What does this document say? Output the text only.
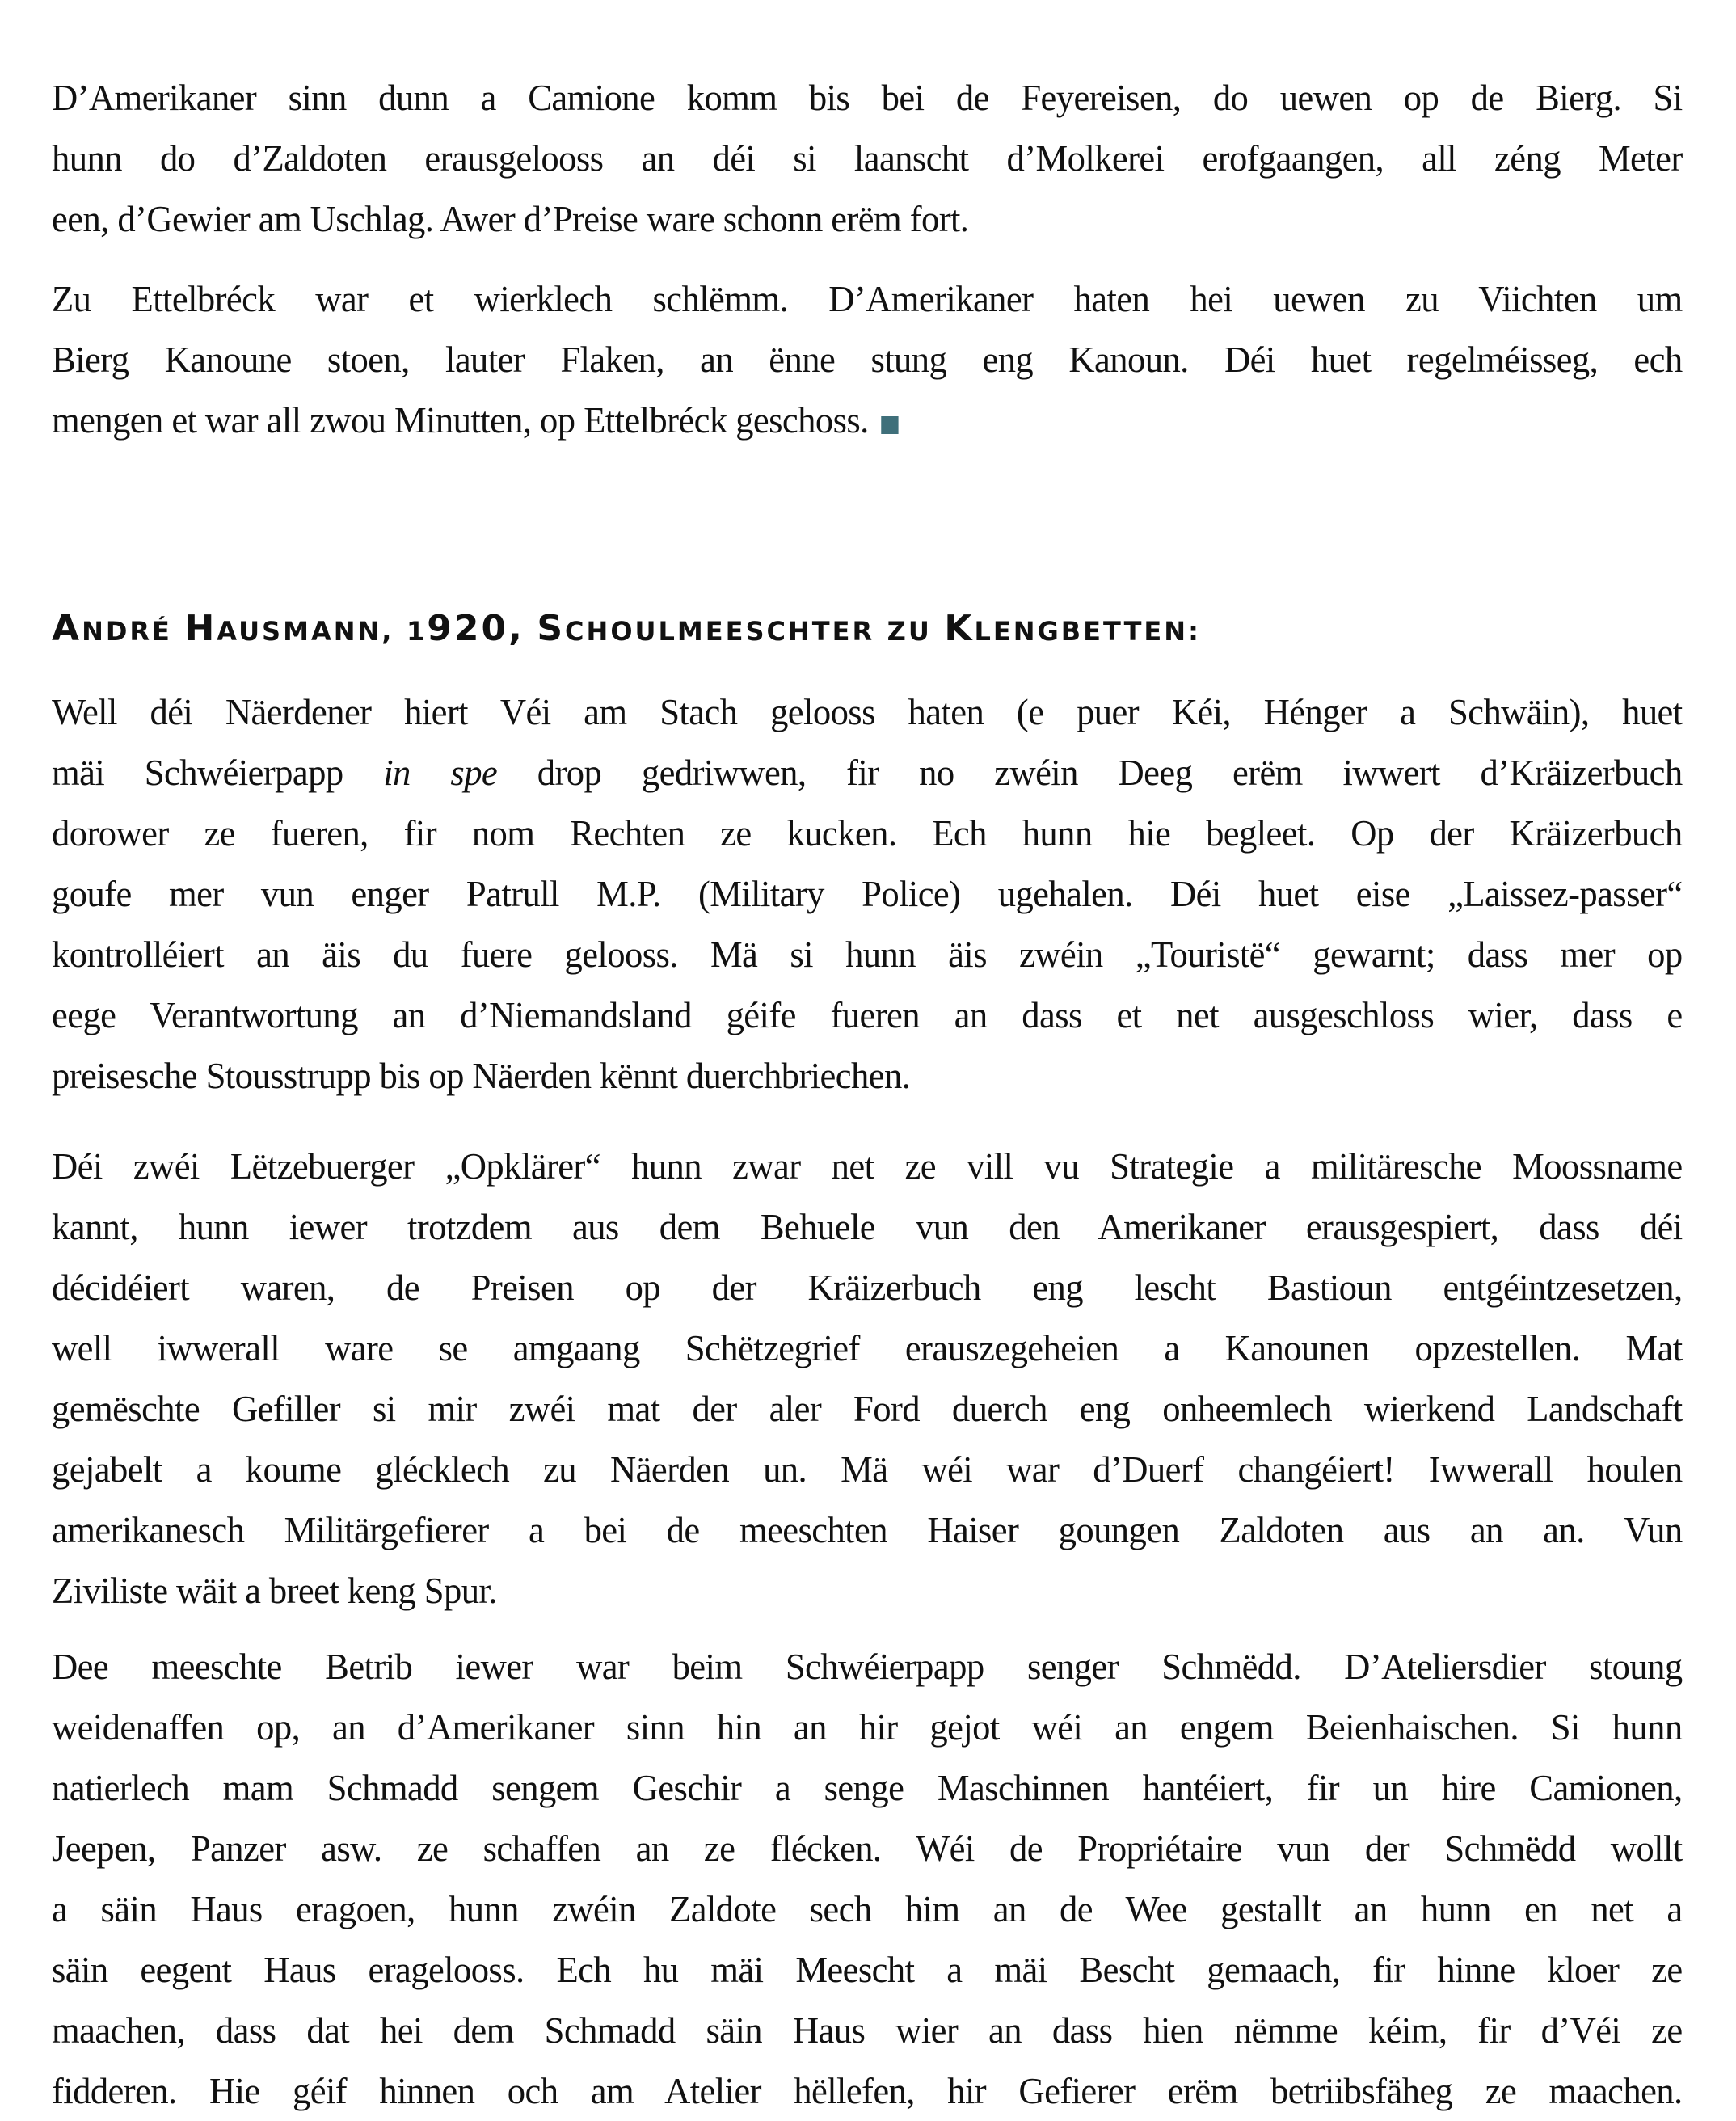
D’Amerikaner sinn dunn a Camione komm bis bei de Feyereisen, do uewen op de Bierg. Si
hunn do d’Zaldoten erausgelooss an déi si laanscht d’Molkerei erofgaangen, all zéng Meter
een, d’Gewier am Uschlag. Awer d’Preise ware schonn erëm fort.

Zu Ettelbréck war et wierklech schlëmm. D’Amerikaner haten hei uewen zu Viichten um
Bierg Kanoune stoen, lauter Flaken, an ënne stung eng Kanoun. Déi huet regelméisseg, ech
mengen et war all zwou Minutten, op Ettelbréck geschoss.

ANDRÉ HAUSMANN, 1920, SCHOULMEESCHTER ZU KLENGBETTEN:

Well déi Näerdener hiert Véi am Stach gelooss haten (e puer Kéi, Hénger a Schwäin), huet
mäi Schwéierpapp in spe drop gedriwwen, fir no zwéin Deeg erëm iwwert d’Kräizerbuch
dorower ze fueren, fir nom Rechten ze kucken. Ech hunn hie begleet. Op der Kräizerbuch
goufe mer vun enger Patrull M.P. (Military Police) ugehalen. Déi huet eise „Laissez-passer“
kontrolléiert an äis du fuere gelooss. Mä si hunn äis zwéin „Touristë“ gewarnt; dass mer op
eege Verantwortung an d’Niemandsland géife fueren an dass et net ausgeschloss wier, dass e
preisesche Stousstrupp bis op Näerden kënnt duerchbriechen.

Déi zwéi Lëtzebuerger „Opklärer“ hunn zwar net ze vill vu Strategie a militäresche Moossname
kannt, hunn iewer trotzdem aus dem Behuele vun den Amerikaner erausgespiert, dass déi
décidéiert waren, de Preisen op der Kräizerbuch eng lescht Bastioun entgéintzesetzen,
well iwwerall ware se amgaang Schëtzegrief erauszegeheien a Kanounen opzestellen. Mat
gemëschte Gefiller si mir zwéi mat der aler Ford duerch eng onheemlech wierkend Landschaft
gejabelt a koume glécklech zu Näerden un. Mä wéi war d’Duerf changéiert! Iwwerall houlen
amerikanesch Militärgefierer a bei de meeschten Haiser goungen Zaldoten aus an an. Vun
Ziviliste wäit a breet keng Spur.

Dee meeschte Betrib iewer war beim Schwéierpapp senger Schmëdd. D’Ateliersdier stoung
weidenaffen op, an d’Amerikaner sinn hin an hir gejot wéi an engem Beienhaischen. Si hunn
natierlech mam Schmadd sengem Geschir a senge Maschinnen hantéiert, fir un hire Camionen,
Jeepen, Panzer asw. ze schaffen an ze flécken. Wéi de Propriétaire vun der Schmëdd wollt
a säin Haus eragoen, hunn zwéin Zaldote sech him an de Wee gestallt an hunn en net a
säin eegent Haus eragelooss. Ech hu mäi Meescht a mäi Bescht gemaach, fir hinne kloer ze
maachen, dass dat hei dem Schmadd säin Haus wier an dass hien nëmme kéim, fir d’Véi ze
fidderen. Hie géif hinnen och am Atelier hëllefen, hir Gefierer erëm betriibsfäheg ze maachen.
